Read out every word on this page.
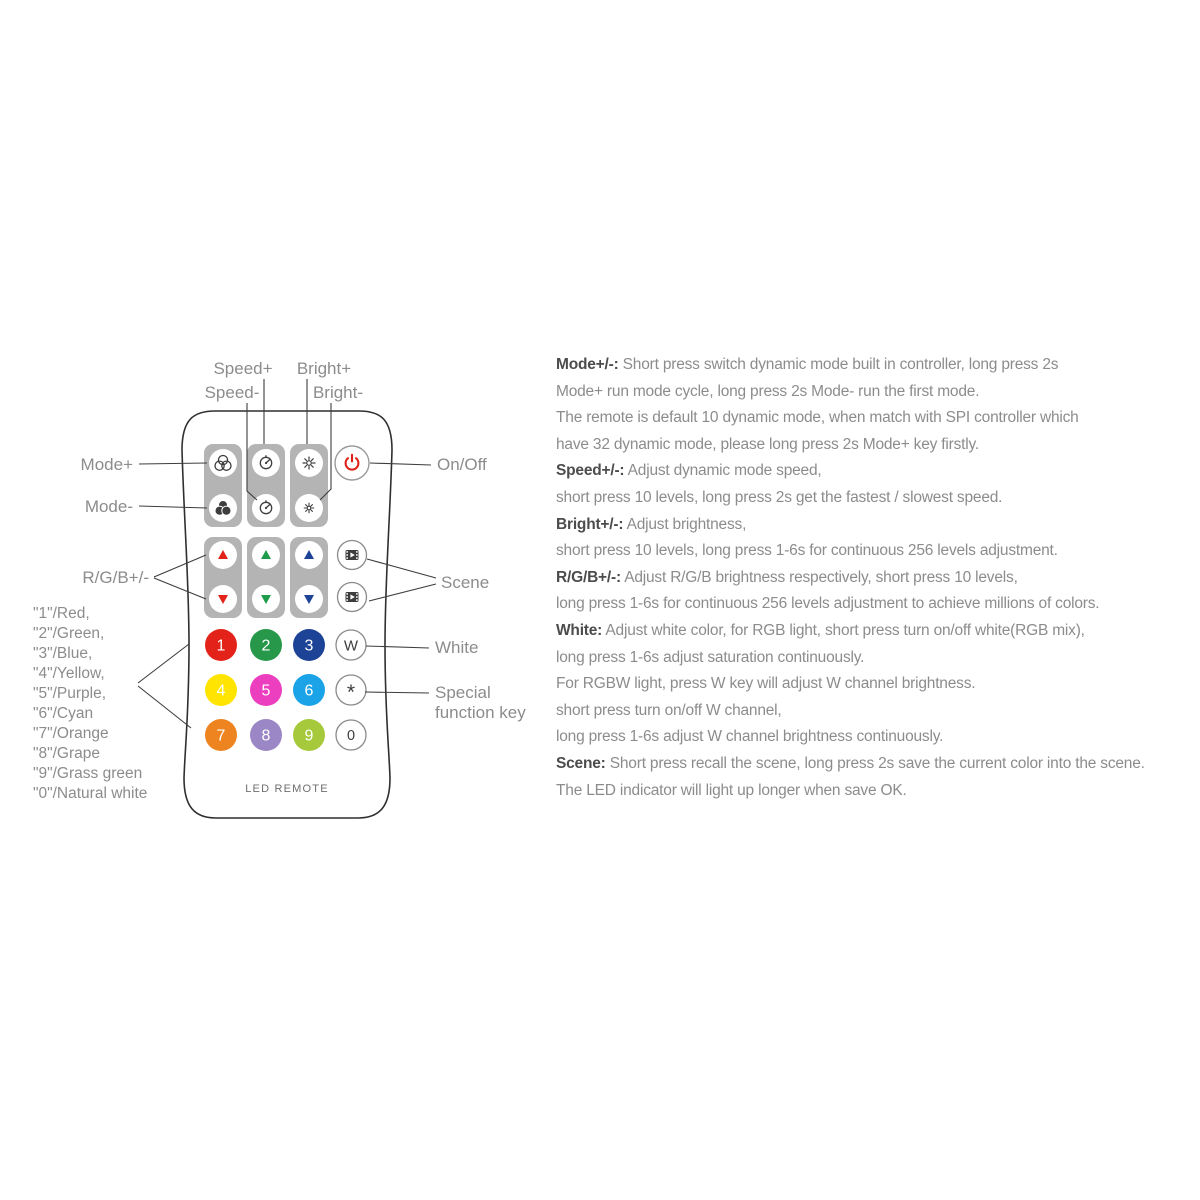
1 2 3
4 5 6
7 8 9
W
*
0
LED REMOTE
Speed+
Speed-
Bright+
Bright-
Mode+
Mode-
R/G/B+/-
On/Off
Scene
White
Special
function key
"1"/Red,
"2"/Green,
"3"/Blue,
"4"/Yellow,
"5"/Purple,
"6"/Cyan
"7"/Orange
"8"/Grape
"9"/Grass green
"0"/Natural white
Mode+/-: Short press switch dynamic mode built in controller, long press 2s
Mode+ run mode cycle, long press 2s Mode- run the first mode.
The remote is default 10 dynamic mode, when match with SPI controller which
have 32 dynamic mode, please long press 2s Mode+ key firstly.
Speed+/-: Adjust dynamic mode speed,
short press 10 levels, long press 2s get the fastest / slowest speed.
Bright+/-: Adjust brightness,
short press 10 levels, long press 1-6s for continuous 256 levels adjustment.
R/G/B+/-: Adjust R/G/B brightness respectively, short press 10 levels,
long press 1-6s for continuous 256 levels adjustment to achieve millions of colors.
White: Adjust white color, for RGB light, short press turn on/off white(RGB mix),
long press 1-6s adjust saturation continuously.
For RGBW light, press W key will adjust W channel brightness.
short press turn on/off W channel,
long press 1-6s adjust W channel brightness continuously.
Scene: Short press recall the scene, long press 2s save the current color into the scene.
The LED indicator will light up longer when save OK.
